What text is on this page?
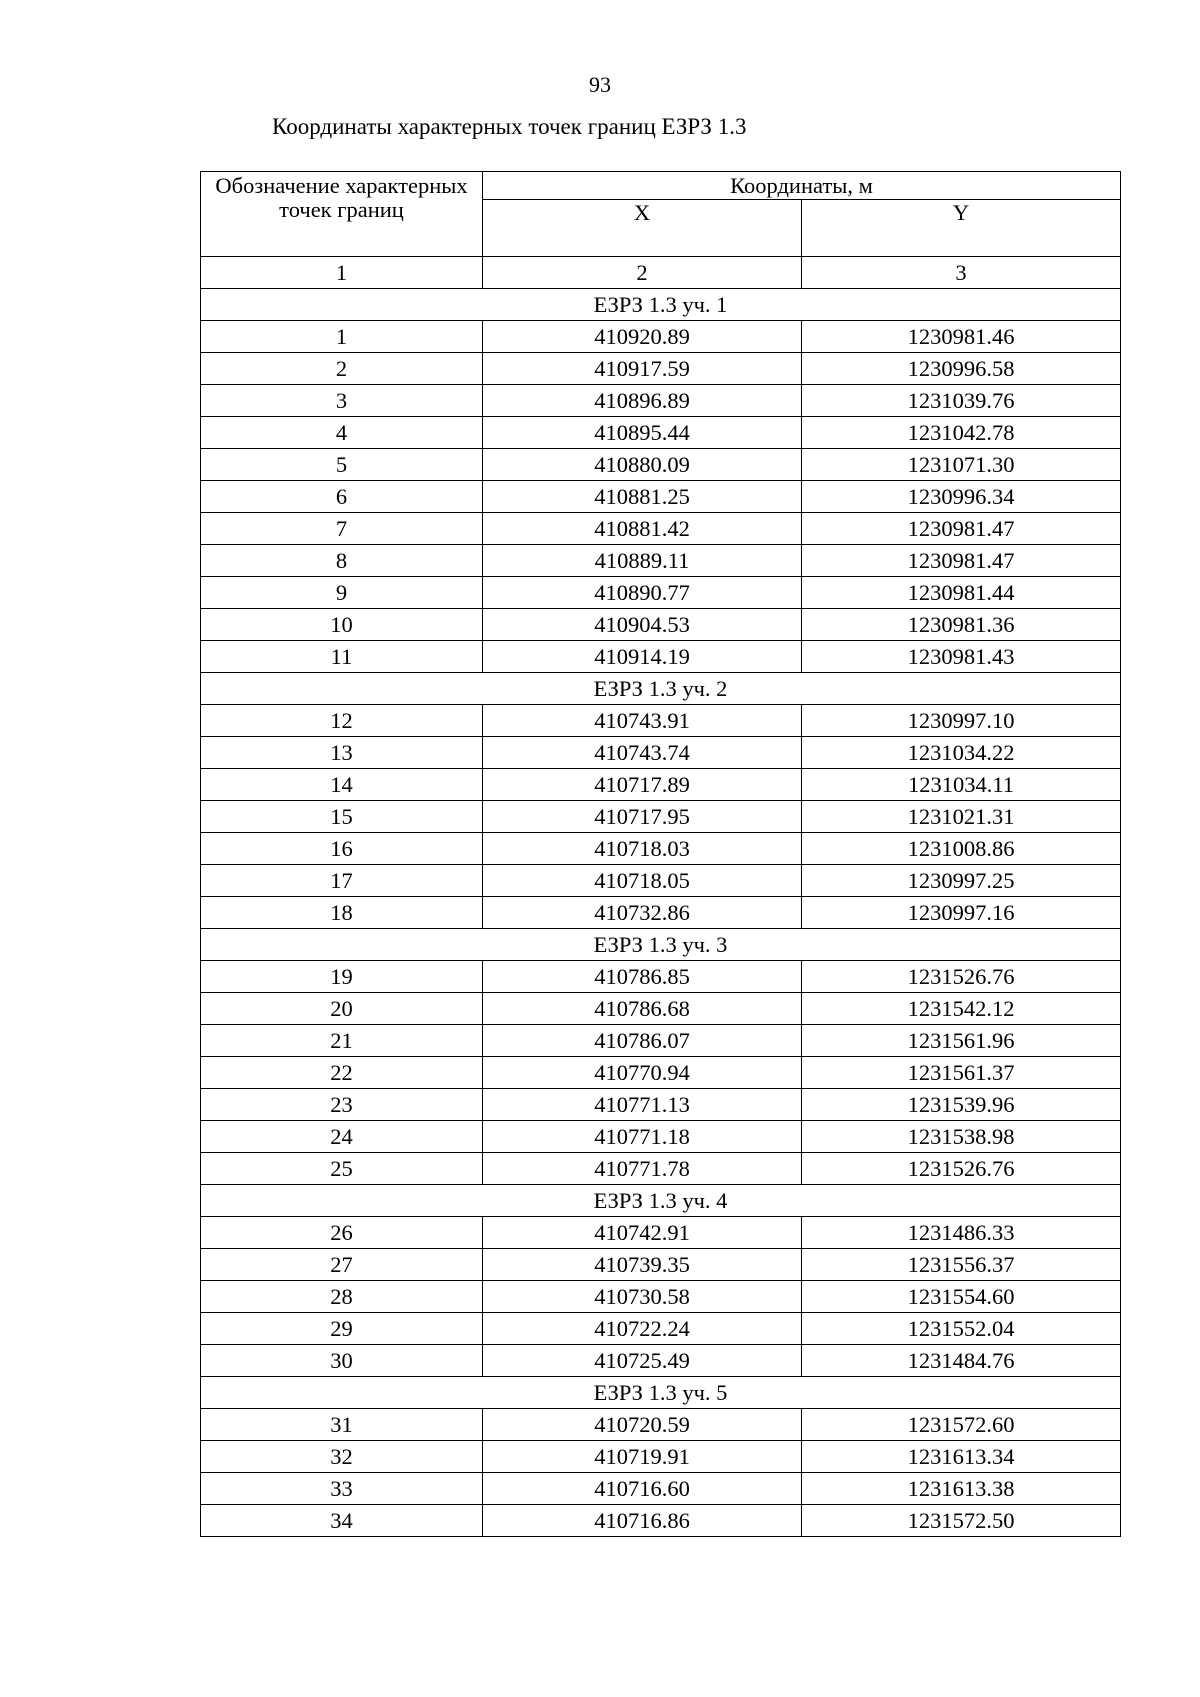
93
Координаты характерных точек границ ЕЗРЗ 1.3
Обозначение характерных точек границ	Координаты, м	
	X	Y
1	2	3
ЕЗРЗ 1.3 уч. 1		
1	410920.89	1230981.46
2	410917.59	1230996.58
3	410896.89	1231039.76
4	410895.44	1231042.78
5	410880.09	1231071.30
6	410881.25	1230996.34
7	410881.42	1230981.47
8	410889.11	1230981.47
9	410890.77	1230981.44
10	410904.53	1230981.36
11	410914.19	1230981.43
ЕЗРЗ 1.3 уч. 2		
12	410743.91	1230997.10
13	410743.74	1231034.22
14	410717.89	1231034.11
15	410717.95	1231021.31
16	410718.03	1231008.86
17	410718.05	1230997.25
18	410732.86	1230997.16
ЕЗРЗ 1.3 уч. 3		
19	410786.85	1231526.76
20	410786.68	1231542.12
21	410786.07	1231561.96
22	410770.94	1231561.37
23	410771.13	1231539.96
24	410771.18	1231538.98
25	410771.78	1231526.76
ЕЗРЗ 1.3 уч. 4		
26	410742.91	1231486.33
27	410739.35	1231556.37
28	410730.58	1231554.60
29	410722.24	1231552.04
30	410725.49	1231484.76
ЕЗРЗ 1.3 уч. 5		
31	410720.59	1231572.60
32	410719.91	1231613.34
33	410716.60	1231613.38
34	410716.86	1231572.50
